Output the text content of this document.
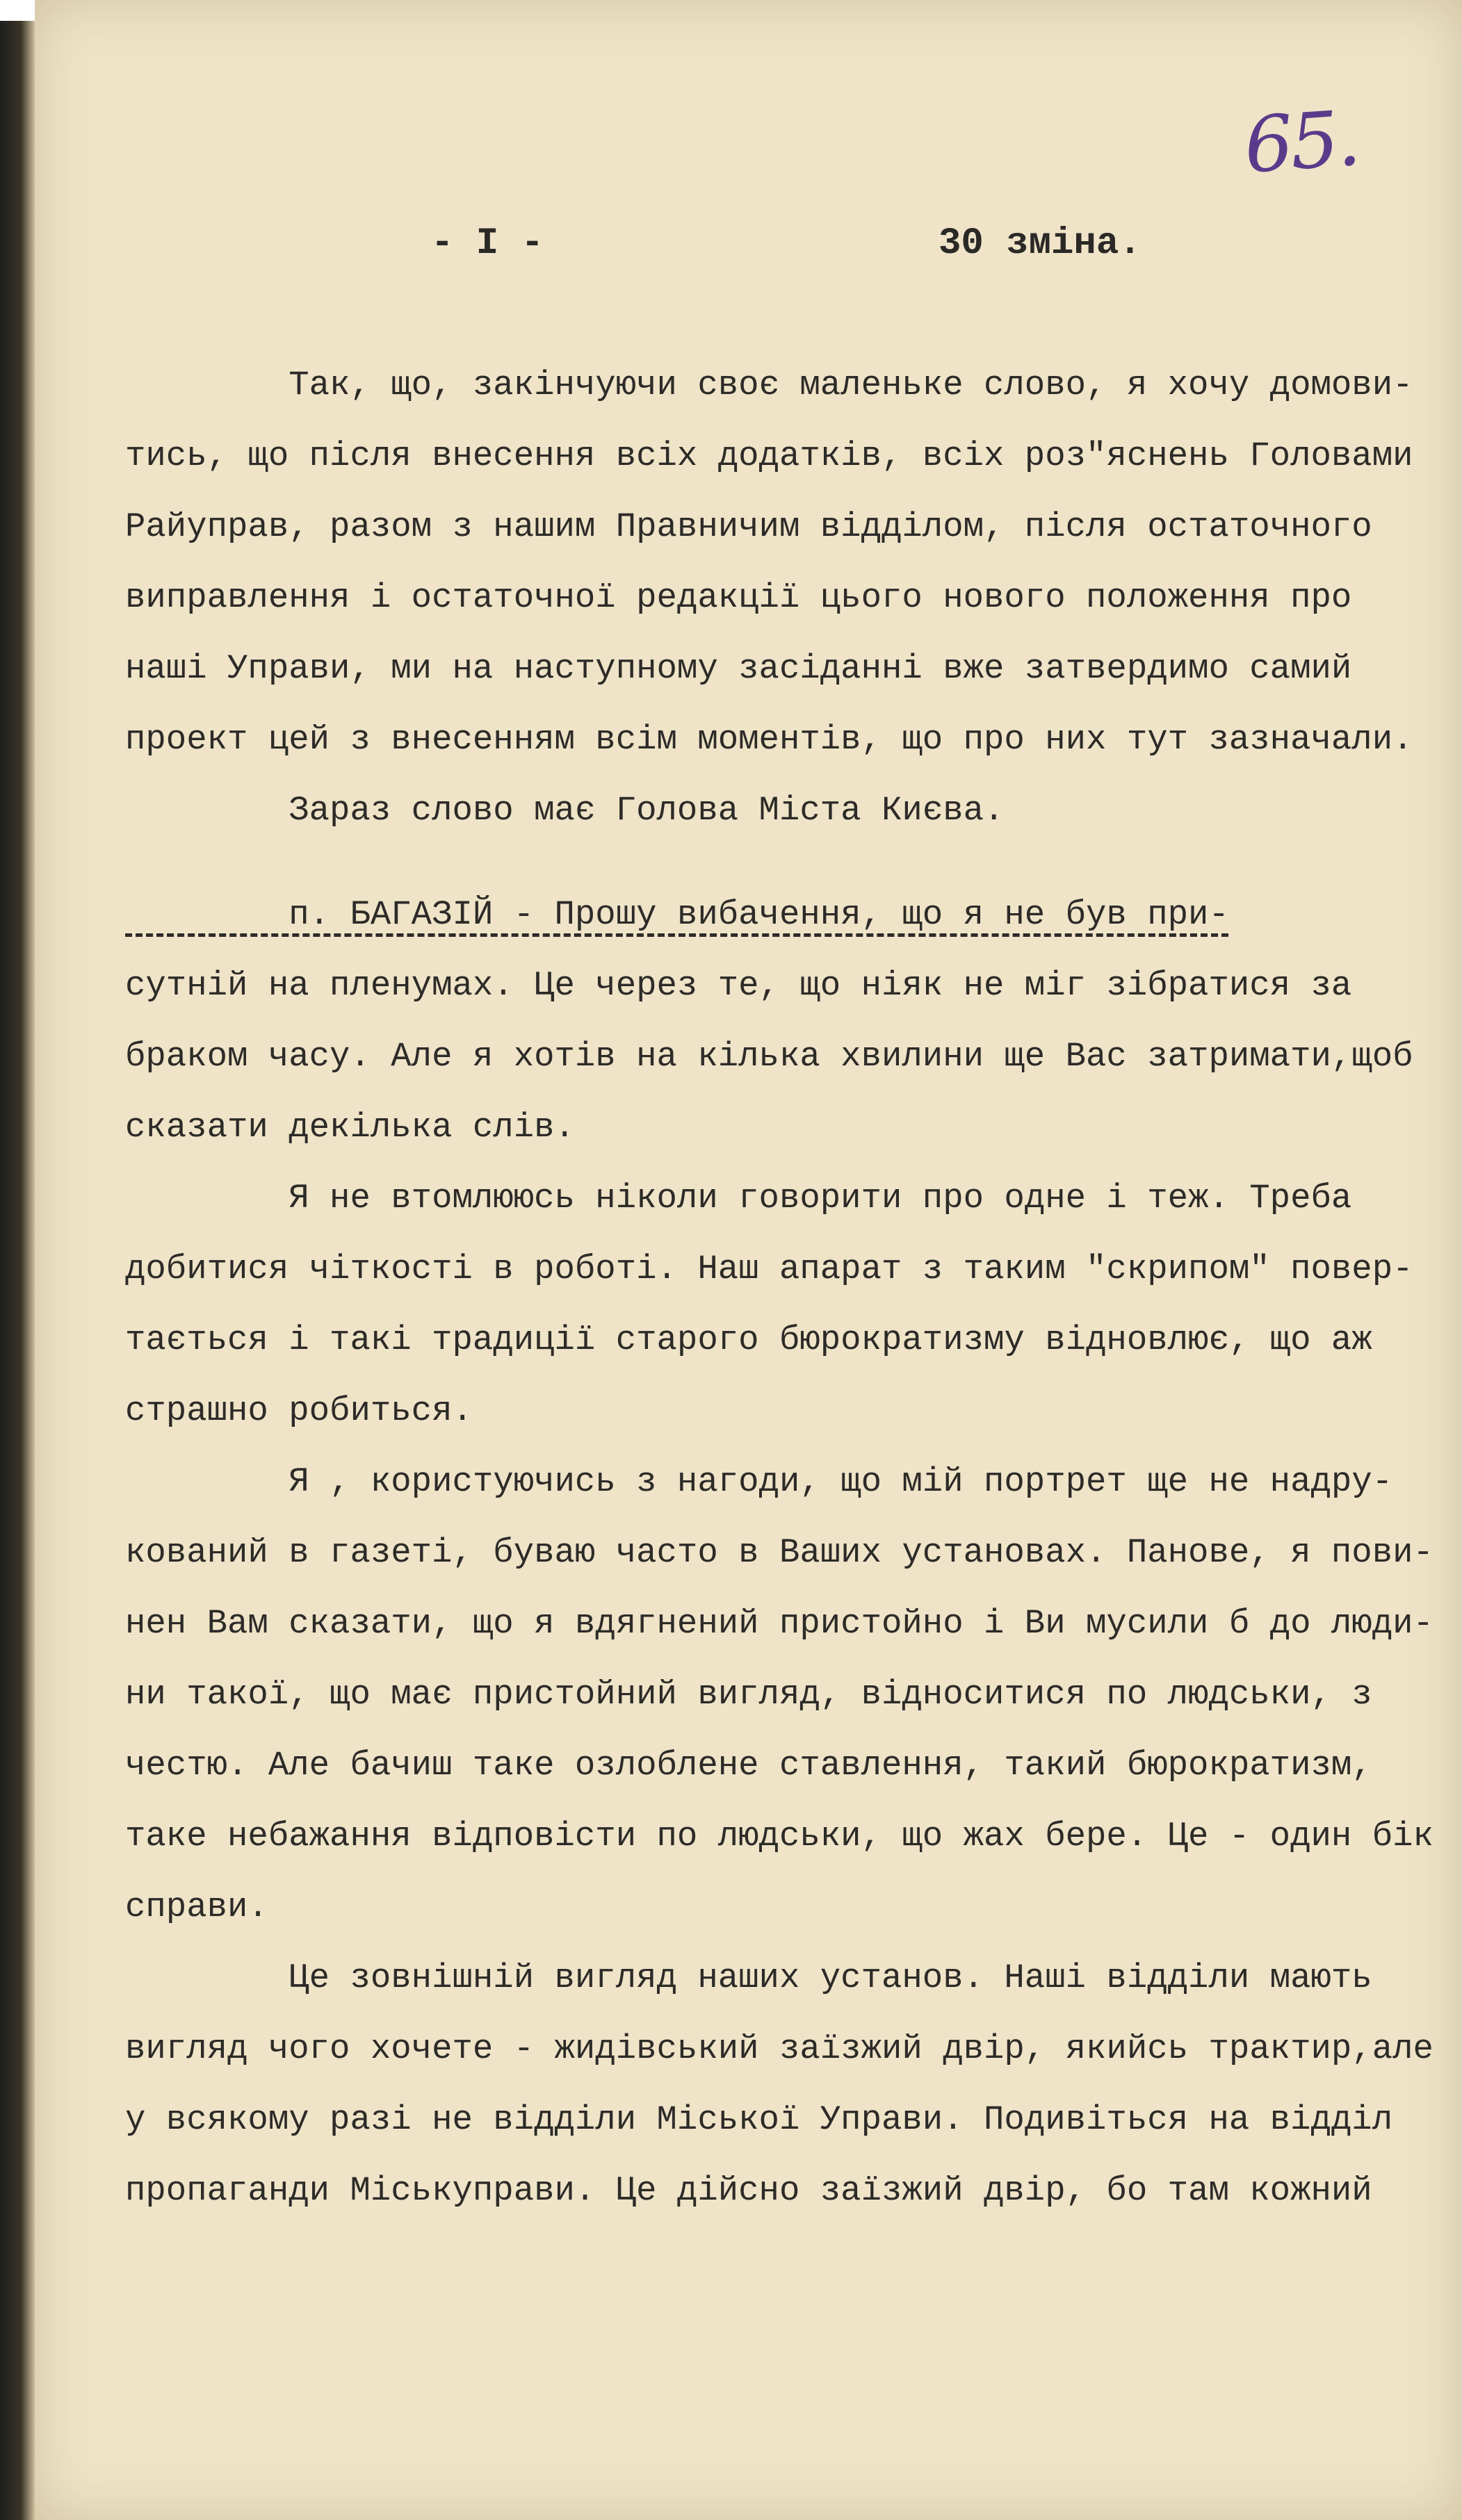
65.
- I -	30 зміна.
Так, що, закінчуючи своє маленьке слово, я хочу домови-
тись, що після внесення всіх додатків, всіх роз"яснень Головами
Райуправ, разом з нашим Правничим відділом, після остаточного
виправлення і остаточної редакції цього нового положення про
наші Управи, ми на наступному засіданні вже затвердимо самий
проект цей з внесенням всім моментів, що про них тут зазначали.
Зараз слово має Голова Міста Києва.
п. БАГАЗІЙ - Прошу вибачення, що я не був при-
сутній на пленумах. Це через те, що ніяк не міг зібратися за
браком часу. Але я хотів на кілька хвилини ще Вас затримати,щоб
сказати декілька слів.
Я не втомлююсь ніколи говорити про одне і теж. Треба
добитися чіткості в роботі. Наш апарат з таким "скрипом" повер-
тається і такі традиції старого бюрократизму відновлює, що аж
страшно робиться.
Я , користуючись з нагоди, що мій портрет ще не надру-
кований в газеті, буваю часто в Ваших установах. Панове, я пови-
нен Вам сказати, що я вдягнений пристойно і Ви мусили б до люди-
ни такої, що має пристойний вигляд, відноситися по людськи, з
честю. Але бачиш таке озлоблене ставлення, такий бюрократизм,
таке небажання відповісти по людськи, що жах бере. Це - один бік
справи.
Це зовнішній вигляд наших установ. Наші відділи мають
вигляд чого хочете - жидівський заїзжий двір, якийсь трактир,але
у всякому разі не відділи Міської Управи. Подивіться на відділ
пропаганди Міськуправи. Це дійсно заїзжий двір, бо там кожний
